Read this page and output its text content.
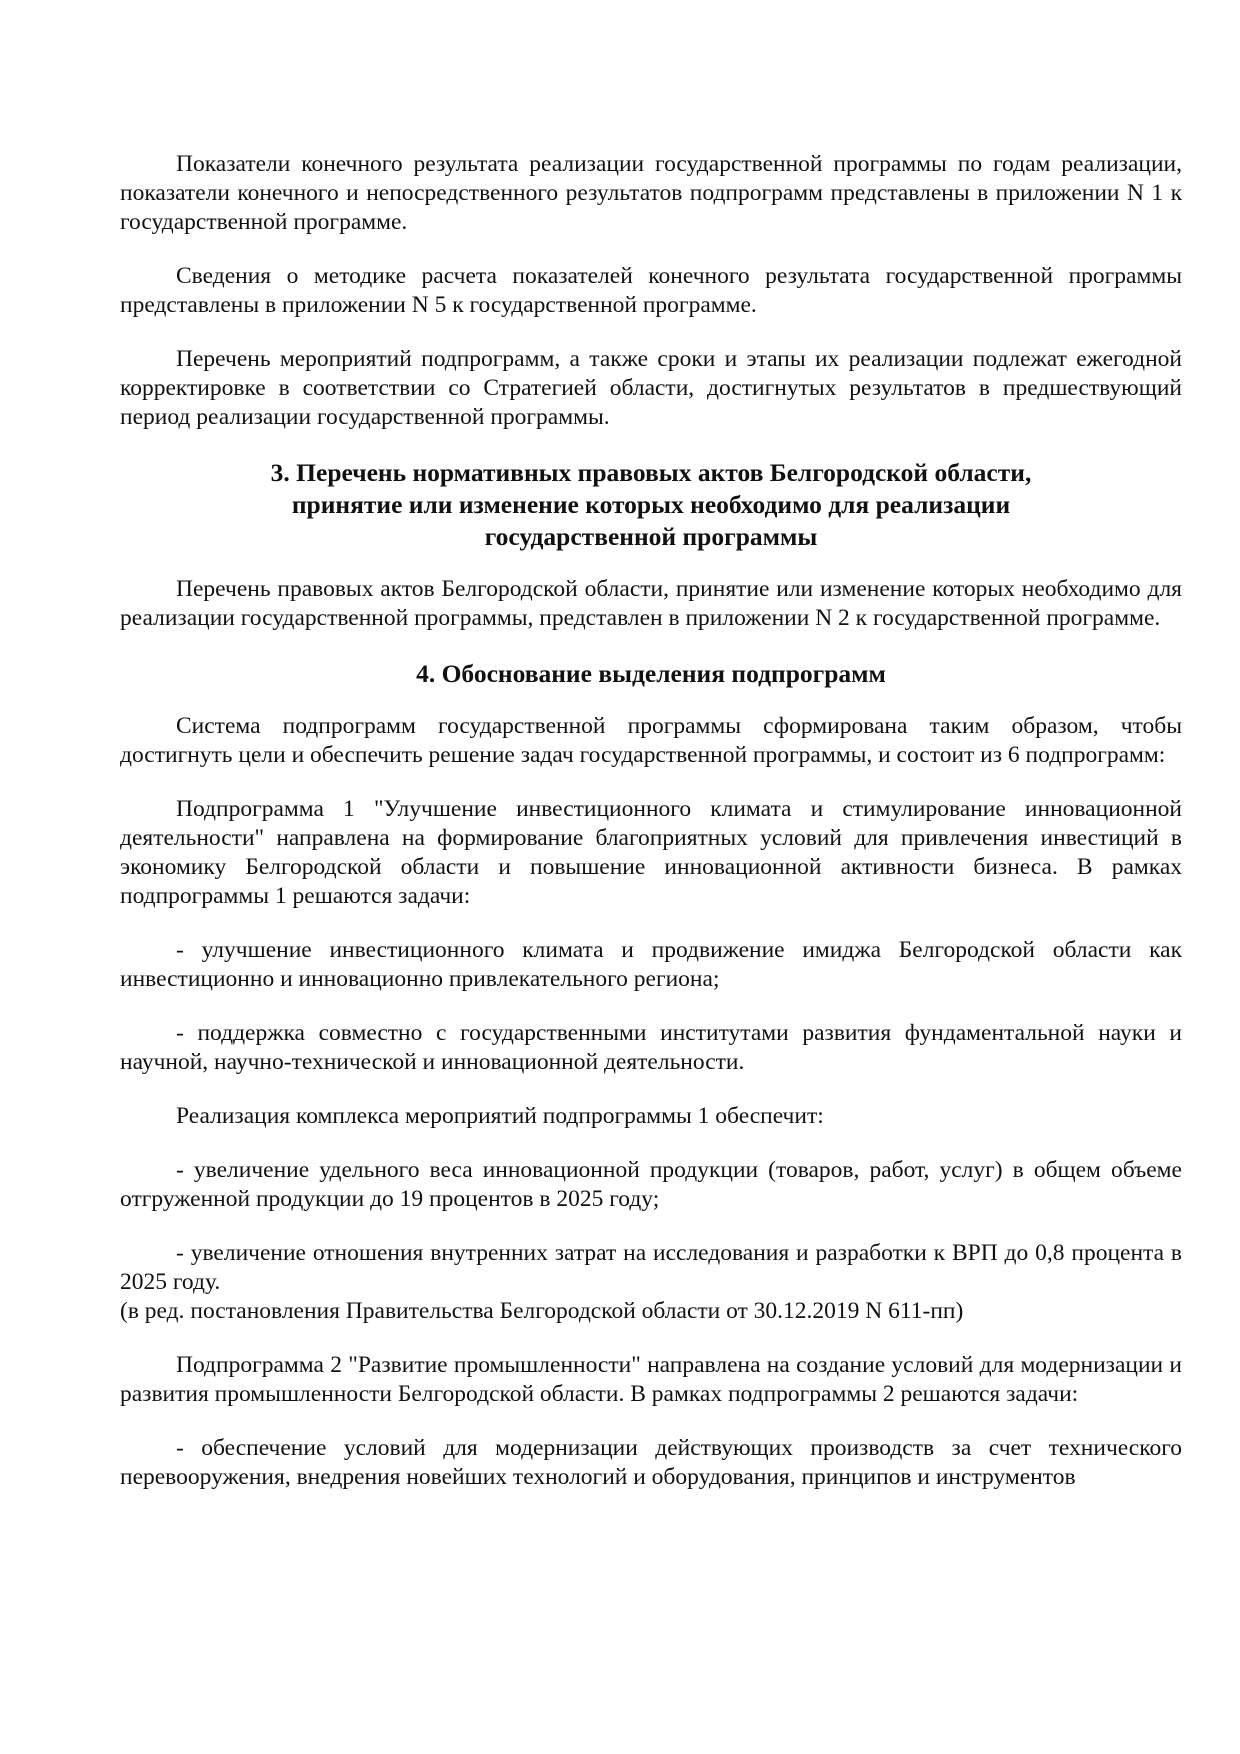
Показатели конечного результата реализации государственной программы по годам реализации, показатели конечного и непосредственного результатов подпрограмм представлены в приложении N 1 к государственной программе.

Сведения о методике расчета показателей конечного результата государственной программы представлены в приложении N 5 к государственной программе.

Перечень мероприятий подпрограмм, а также сроки и этапы их реализации подлежат ежегодной корректировке в соответствии со Стратегией области, достигнутых результатов в предшествующий период реализации государственной программы.

3. Перечень нормативных правовых актов Белгородской области,
принятие или изменение которых необходимо для реализации
государственной программы

Перечень правовых актов Белгородской области, принятие или изменение которых необходимо для реализации государственной программы, представлен в приложении N 2 к государственной программе.

4. Обоснование выделения подпрограмм

Система подпрограмм государственной программы сформирована таким образом, чтобы достигнуть цели и обеспечить решение задач государственной программы, и состоит из 6 подпрограмм:

Подпрограмма 1 "Улучшение инвестиционного климата и стимулирование инновационной деятельности" направлена на формирование благоприятных условий для привлечения инвестиций в экономику Белгородской области и повышение инновационной активности бизнеса. В рамках подпрограммы 1 решаются задачи:

- улучшение инвестиционного климата и продвижение имиджа Белгородской области как инвестиционно и инновационно привлекательного региона;

- поддержка совместно с государственными институтами развития фундаментальной науки и научной, научно-технической и инновационной деятельности.

Реализация комплекса мероприятий подпрограммы 1 обеспечит:

- увеличение удельного веса инновационной продукции (товаров, работ, услуг) в общем объеме отгруженной продукции до 19 процентов в 2025 году;

- увеличение отношения внутренних затрат на исследования и разработки к ВРП до 0,8 процента в 2025 году.

(в ред. постановления Правительства Белгородской области от 30.12.2019 N 611-пп)

Подпрограмма 2 "Развитие промышленности" направлена на создание условий для модернизации и развития промышленности Белгородской области. В рамках подпрограммы 2 решаются задачи:

- обеспечение условий для модернизации действующих производств за счет технического перевооружения, внедрения новейших технологий и оборудования, принципов и инструментов
